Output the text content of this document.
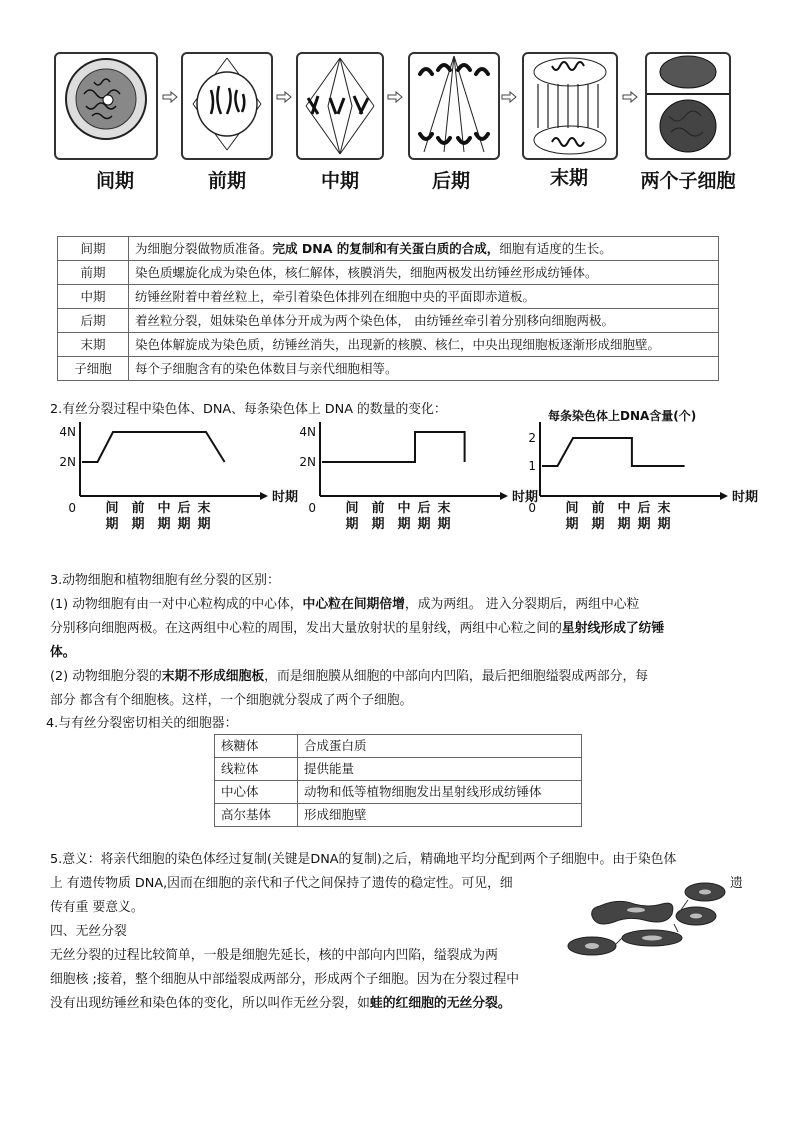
间期	前期	中期	后期	末期	两个子细胞
间期	为细胞分裂做物质准备。完成 DNA 的复制和有关蛋白质的合成，细胞有适度的生长。
前期	染色质螺旋化成为染色体，核仁解体，核膜消失，细胞两极发出纺锤丝形成纺锤体。
中期	纺锤丝附着中着丝粒上，牵引着染色体排列在细胞中央的平面即赤道板。
后期	着丝粒分裂，姐妹染色单体分开成为两个染色体， 由纺锤丝牵引着分别移向细胞两极。
末期	染色体解旋成为染色质，纺锤丝消失，出现新的核膜、核仁，中央出现细胞板逐渐形成细胞壁。
子细胞	每个子细胞含有的染色体数目与亲代细胞相等。
2.有丝分裂过程中染色体、DNA、每条染色体上 DNA 的数量的变化：
4N
2N
0
时期
间
期
前
期
中
期
后
期
末
期
4N
2N
0
时期
间
期
前
期
中
期
后
期
末
期
2
1
0
时期
间
期
前
期
中
期
后
期
末
期
每条染色体上DNA含量(个)
3.动物细胞和植物细胞有丝分裂的区别：
(1) 动物细胞有由一对中心粒构成的中心体，中心粒在间期倍增，成为两组。 进入分裂期后，两组中心粒
分别移向细胞两极。在这两组中心粒的周围，发出大量放射状的星射线，两组中心粒之间的星射线形成了纺锤
体。
(2) 动物细胞分裂的末期不形成细胞板，而是细胞膜从细胞的中部向内凹陷，最后把细胞缢裂成两部分，每
部分 都含有个细胞核。这样，一个细胞就分裂成了两个子细胞。
4.与有丝分裂密切相关的细胞器：
核糖体	合成蛋白质
线粒体	提供能量
中心体	动物和低等植物细胞发出星射线形成纺锤体
高尔基体	形成细胞壁
5.意义：将亲代细胞的染色体经过复制(关键是DNA的复制)之后，精确地平均分配到两个子细胞中。由于染色体
上 有遗传物质 DNA,因而在细胞的亲代和子代之间保持了遗传的稳定性。可见，细	遗
传有重 要意义。
四、无丝分裂
无丝分裂的过程比较简单，一般是细胞先延长，核的中部向内凹陷，缢裂成为两
细胞核 ;接着，整个细胞从中部缢裂成两部分，形成两个子细胞。因为在分裂过程中
没有出现纺锤丝和染色体的变化，所以叫作无丝分裂，如蛙的红细胞的无丝分裂。
